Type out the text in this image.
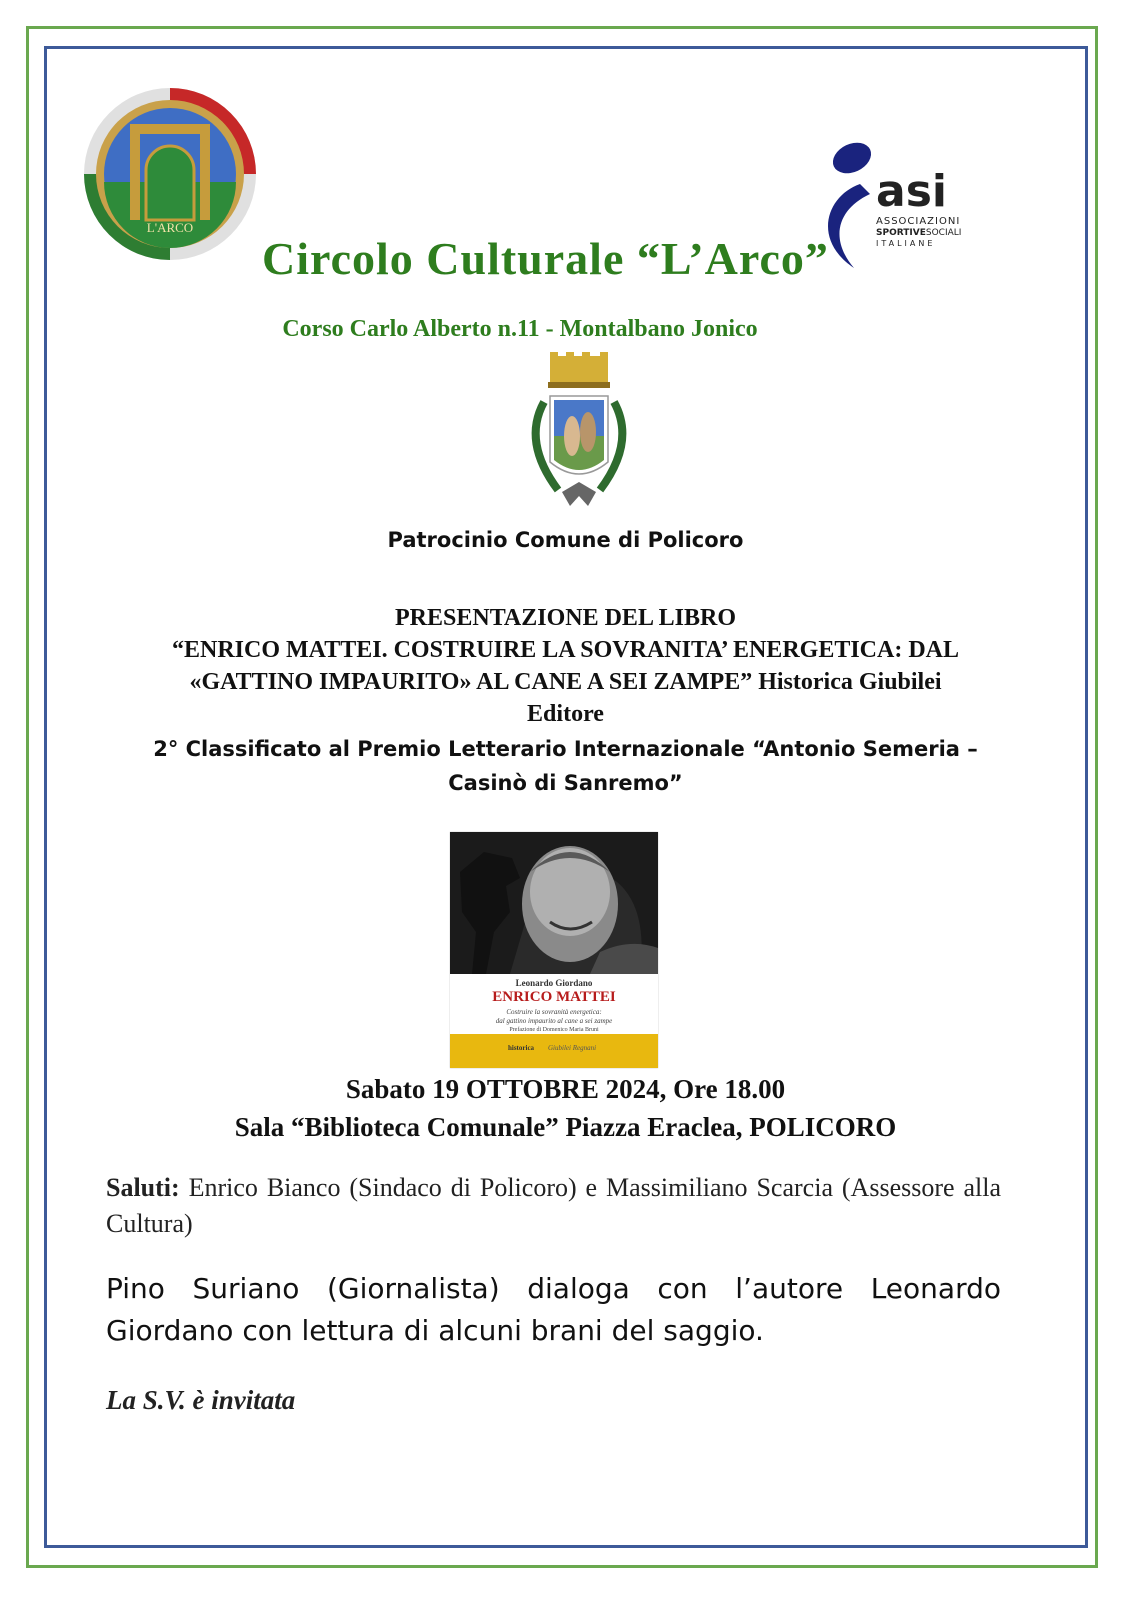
L'ARCO
asi
ASSOCIAZIONI
SPORTIVESOCIALI
ITALIANE
Circolo Culturale “L’Arco”
Corso Carlo Alberto n.11 - Montalbano Jonico
Patrocinio Comune di Policoro
PRESENTAZIONE DEL LIBRO
“ENRICO MATTEI. COSTRUIRE LA SOVRANITA’ ENERGETICA: DAL
«GATTINO IMPAURITO» AL CANE A SEI ZAMPE” Historica Giubilei
Editore
2° Classificato al Premio Letterario Internazionale “Antonio Semeria –
Casinò di Sanremo”
Leonardo Giordano
ENRICO MATTEI
Costruire la sovranità energetica:
dal gattino impaurito al cane a sei zampe
Prefazione di Domenico Maria Bruni
historica Giubilei Regnani
Sabato 19 OTTOBRE 2024, Ore 18.00
Sala “Biblioteca Comunale” Piazza Eraclea, POLICORO
Saluti: Enrico Bianco (Sindaco di Policoro) e Massimiliano Scarcia (Assessore alla Cultura)
Pino Suriano (Giornalista) dialoga con l’autore Leonardo Giordano con lettura di alcuni brani del saggio.
La S.V. è invitata
